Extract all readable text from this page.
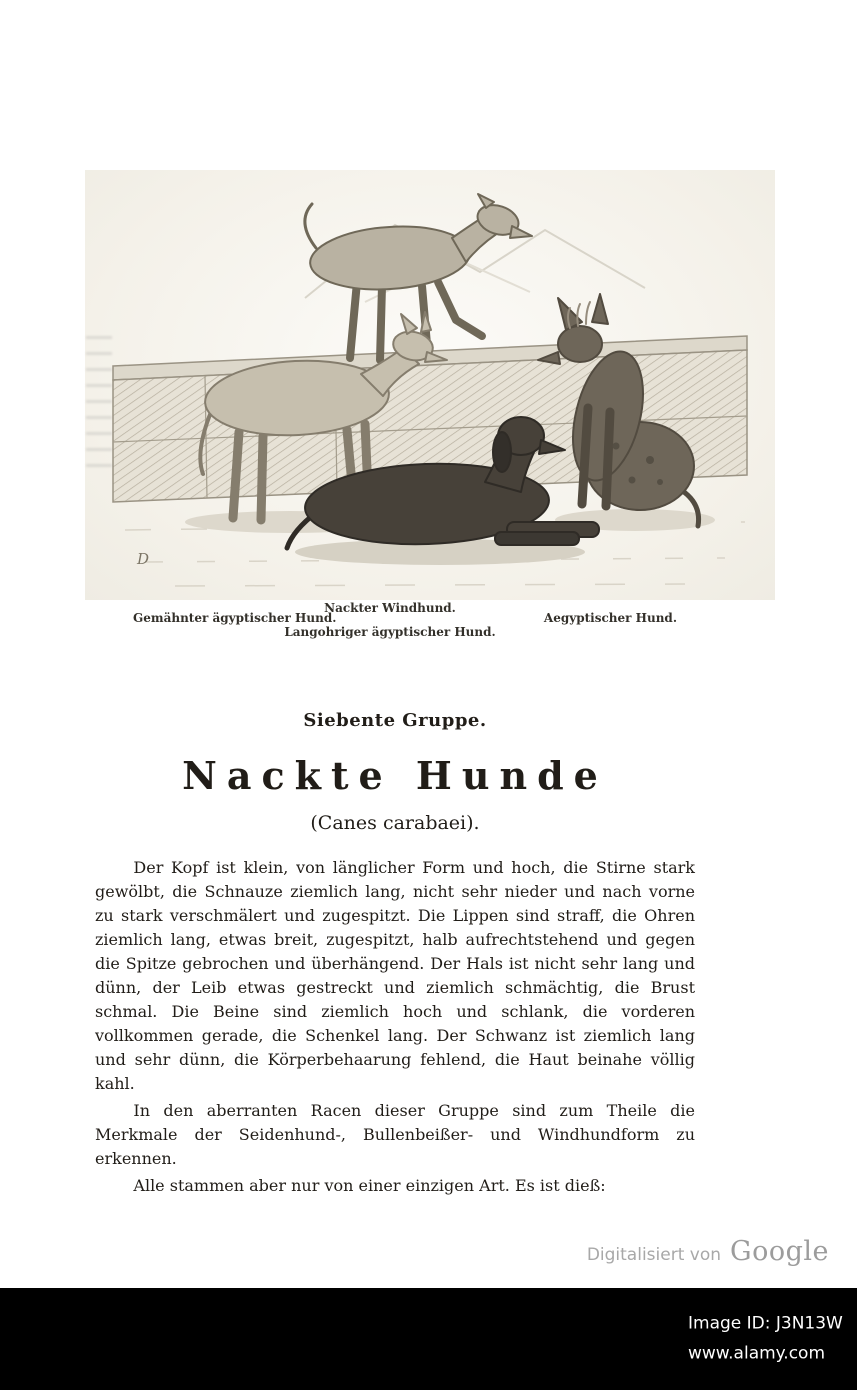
D
Gemähnter ägyptischer Hund.
Nackter Windhund.
Langohriger ägyptischer Hund.
Aegyptischer Hund.
Siebente Gruppe.
Nackte Hunde
(Canes carabaei).

Der Kopf ist klein, von länglicher Form und hoch, die Stirne stark gewölbt, die Schnauze ziemlich lang, nicht sehr nieder und nach vorne zu stark verschmälert und zugespitzt. Die Lippen sind straff, die Ohren ziemlich lang, etwas breit, zugespitzt, halb aufrechtstehend und gegen die Spitze gebrochen und überhängend. Der Hals ist nicht sehr lang und dünn, der Leib etwas gestreckt und ziemlich schmächtig, die Brust schmal. Die Beine sind ziemlich hoch und schlank, die vorderen vollkommen gerade, die Schenkel lang. Der Schwanz ist ziemlich lang und sehr dünn, die Körperbehaarung fehlend, die Haut beinahe völlig kahl.

In den aberranten Racen dieser Gruppe sind zum Theile die Merkmale der Seidenhund-, Bullenbeißer- und Windhundform zu erkennen.

Alle stammen aber nur von einer einzigen Art. Es ist dieß:

Digitalisiert von Google
Image ID: J3N13W
www.alamy.com
